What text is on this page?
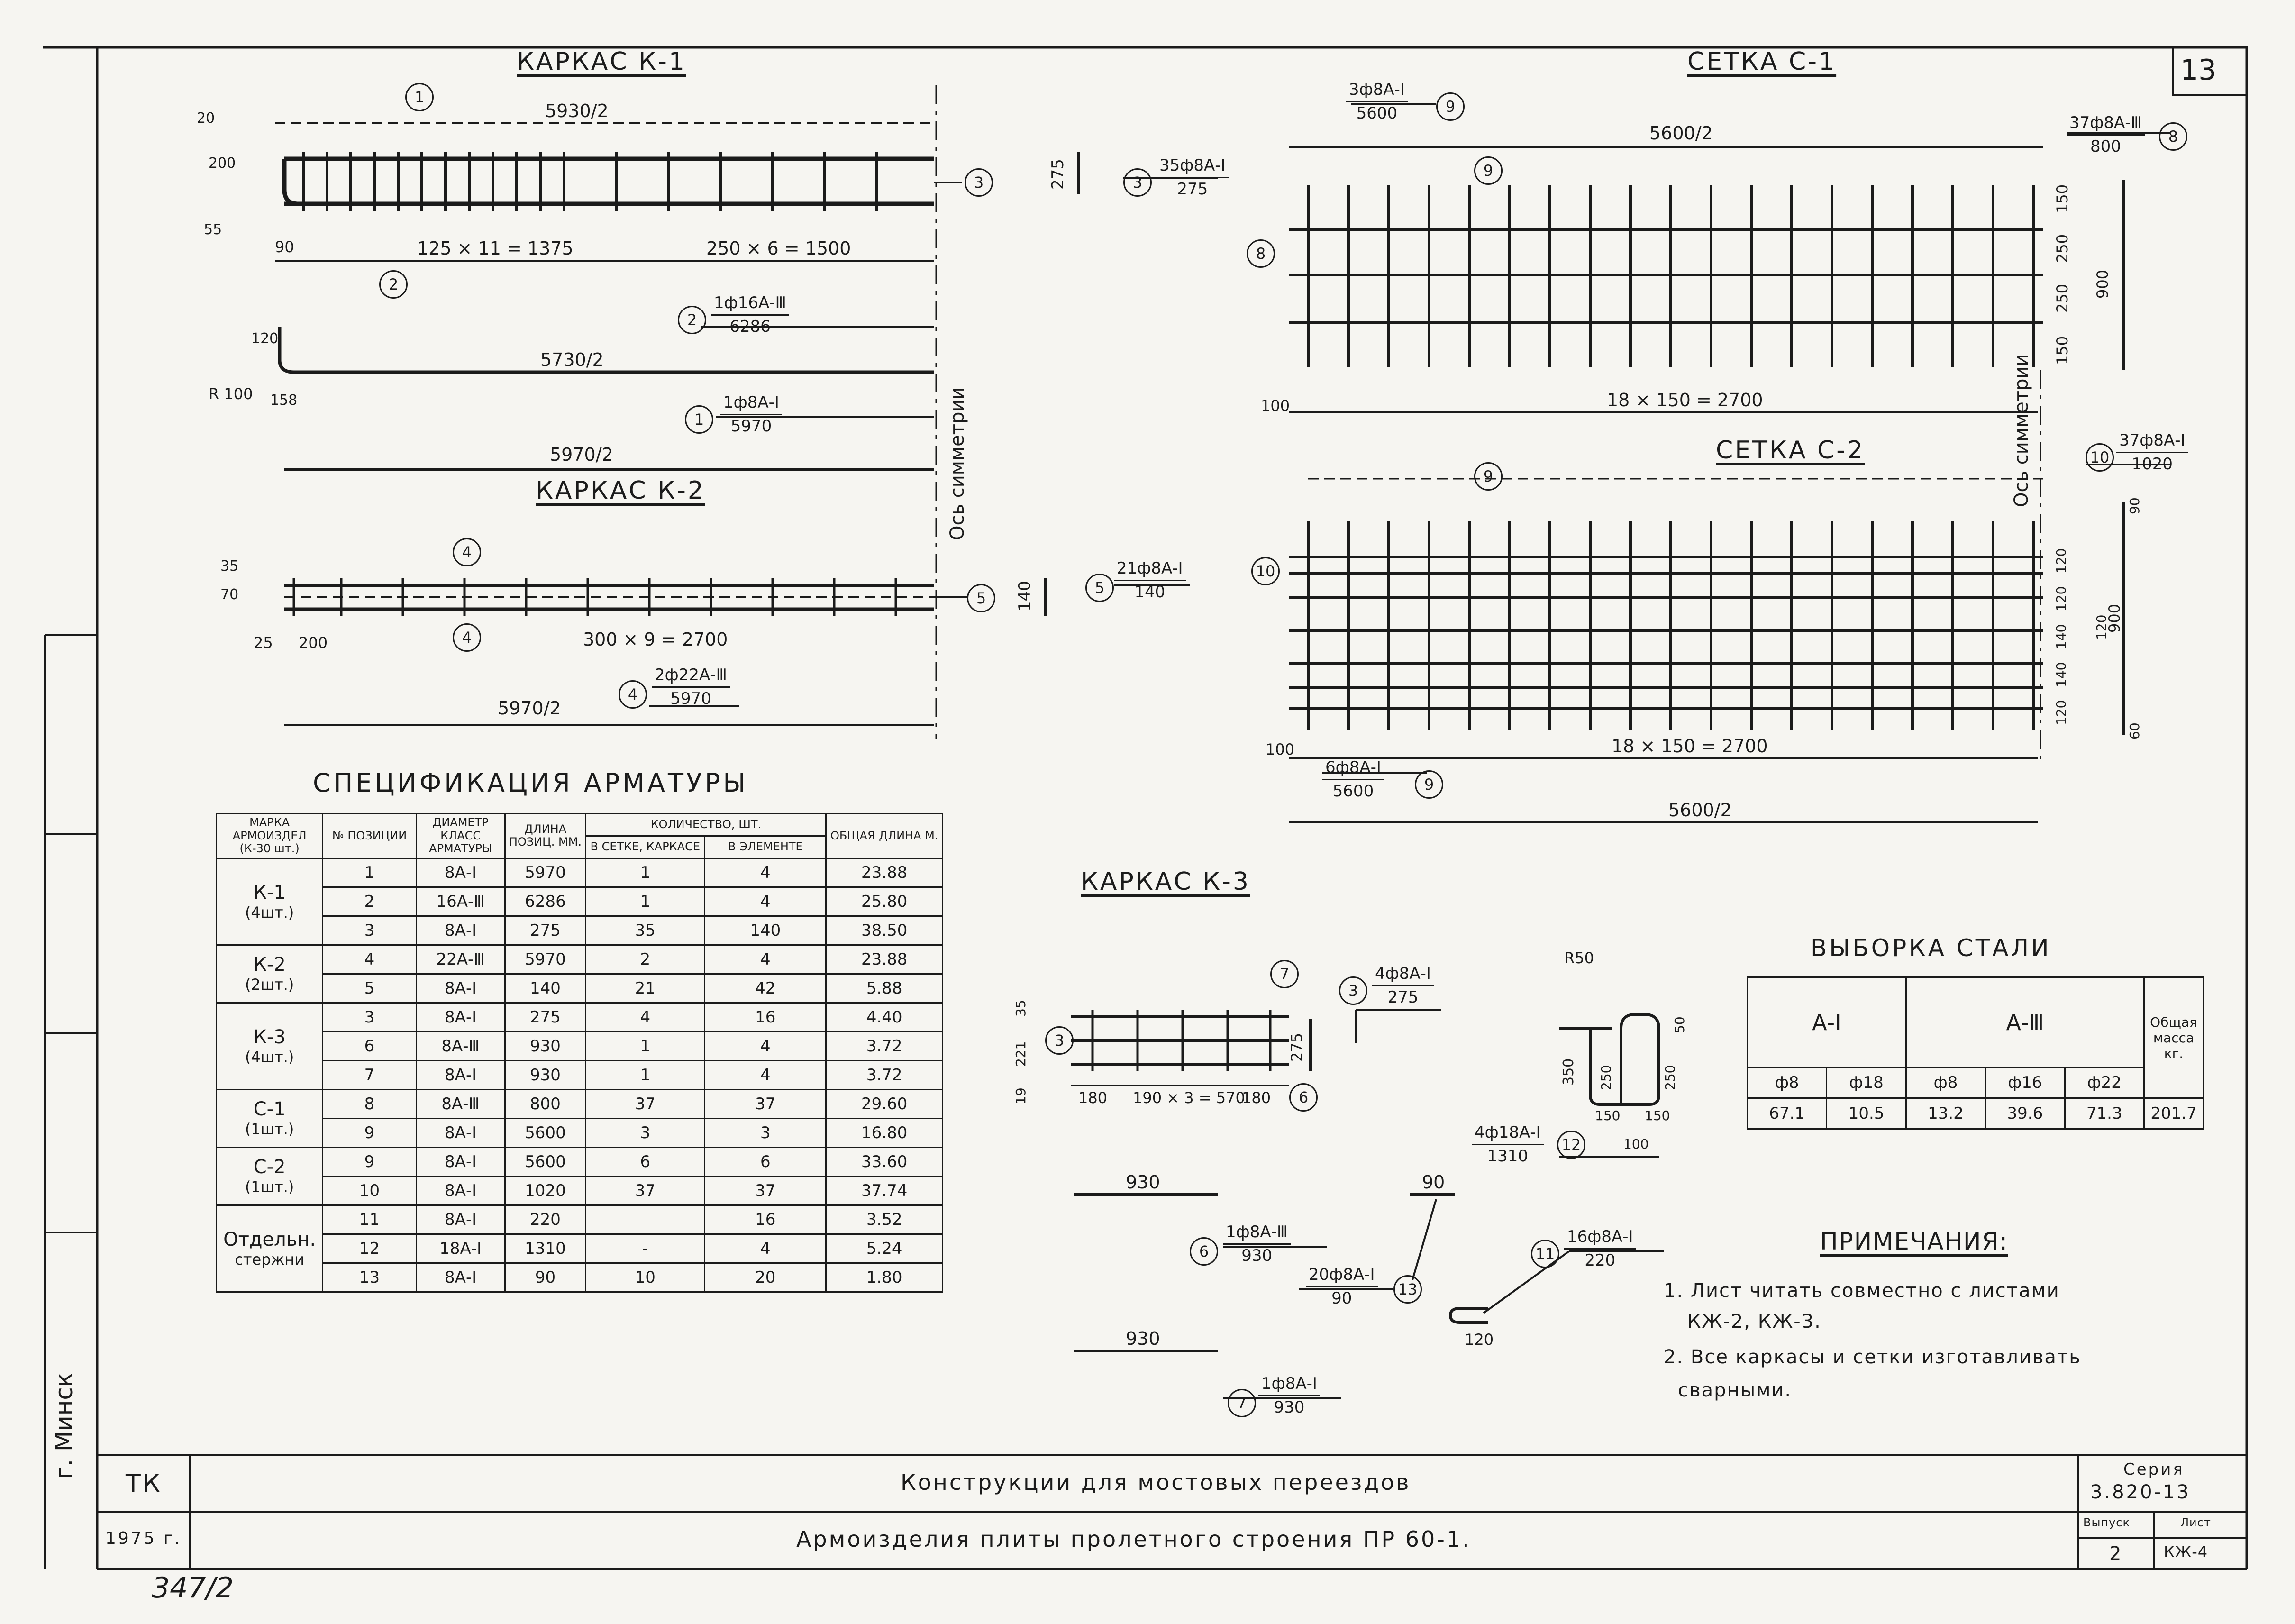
13
347/2
г. Минск
Ось симметрии	Ось симметрии
КАРКАС К-1
1
5930/2
20
200
55
90	125 × 11 = 1375	250 × 6 = 1500
2
120
5730/2
R 100 158
5970/2
2
1ф16А-Ⅲ
6286
1
1ф8А-I
5970
3	275	3
35ф8А-I
275
КАРКАС К-2
4
4
35
70
25 200	300 × 9 = 2700
4
2ф22А-Ⅲ
5970
5970/2
5	140	5
21ф8А-I
140
СЕТКА С-1
3ф8А-I
5600	9
5600/2
9
8
37ф8А-Ⅲ
800
8
150
250
250
150
900
100	18 × 150 = 2700
СЕТКА С-2
9
10
10
37ф8А-I
1020
120
120
140
140
120
120
900
90
60
100	18 × 150 = 2700
6ф8А-I
5600	9
5600/2
КАРКАС К-3
7
3
6
35
221
19	180 190 × 3 = 570
180
275
3
4ф8А-I
275
R50
350 250	250
50
150 150
100
4ф18А-I
1310
12
930
6
1ф8А-Ⅲ
930
90
20ф8А-I
90	13
11
16ф8А-I
220
120
930
7
1ф8А-I
930
СПЕЦИФИКАЦИЯ АРМАТУРЫ
МАРКА АРМОИЗДЕЛ (К-30 шт.)	№ ПОЗИЦИИ	ДИАМЕТР КЛАСС АРМАТУРЫ	ДЛИНА ПОЗИЦ. ММ.	КОЛИЧЕСТВО, ШТ.		ОБЩАЯ ДЛИНА М.
				В СЕТКЕ, КАРКАСЕ	В ЭЛЕМЕНТЕ	

К-1
(4шт.)	1	8А-I	5970	1	4	23.88
	2	16А-Ⅲ	6286	1	4	25.80
	3	8А-I	275	35	140	38.50

К-2
(2шт.)	4	22А-Ⅲ	5970	2	4	23.88
	5	8А-I	140	21	42	5.88

К-3
(4шт.)	3	8А-I	275	4	16	4.40
	6	8А-Ⅲ	930	1	4	3.72
	7	8А-I	930	1	4	3.72

С-1
(1шт.)	8	8А-Ⅲ	800	37	37	29.60
	9	8А-I	5600	3	3	16.80

С-2
(1шт.)	9	8А-I	5600	6	6	33.60
	10	8А-I	1020	37	37	37.74

Отдельн.
стержни	11	8А-I	220		16	3.52
	12	18А-I	1310	-	4	5.24
	13	8А-I	90	10	20	1.80
ВЫБОРКА СТАЛИ
А-I		А-Ⅲ			Общая масса кг.
ф8	ф18	ф8	ф16	ф22	
67.1	10.5	13.2	39.6	71.3	201.7
ПРИМЕЧАНИЯ:
1. Лист читать совместно с листами
КЖ-2, КЖ-3.
2. Все каркасы и сетки изготавливать
сварными.
ТК
1975 г.
Конструкции для мостовых переездов
Армоизделия плиты пролетного строения ПР 60-1.
Серия
3.820-13
Выпуск
2
Лист
КЖ-4
